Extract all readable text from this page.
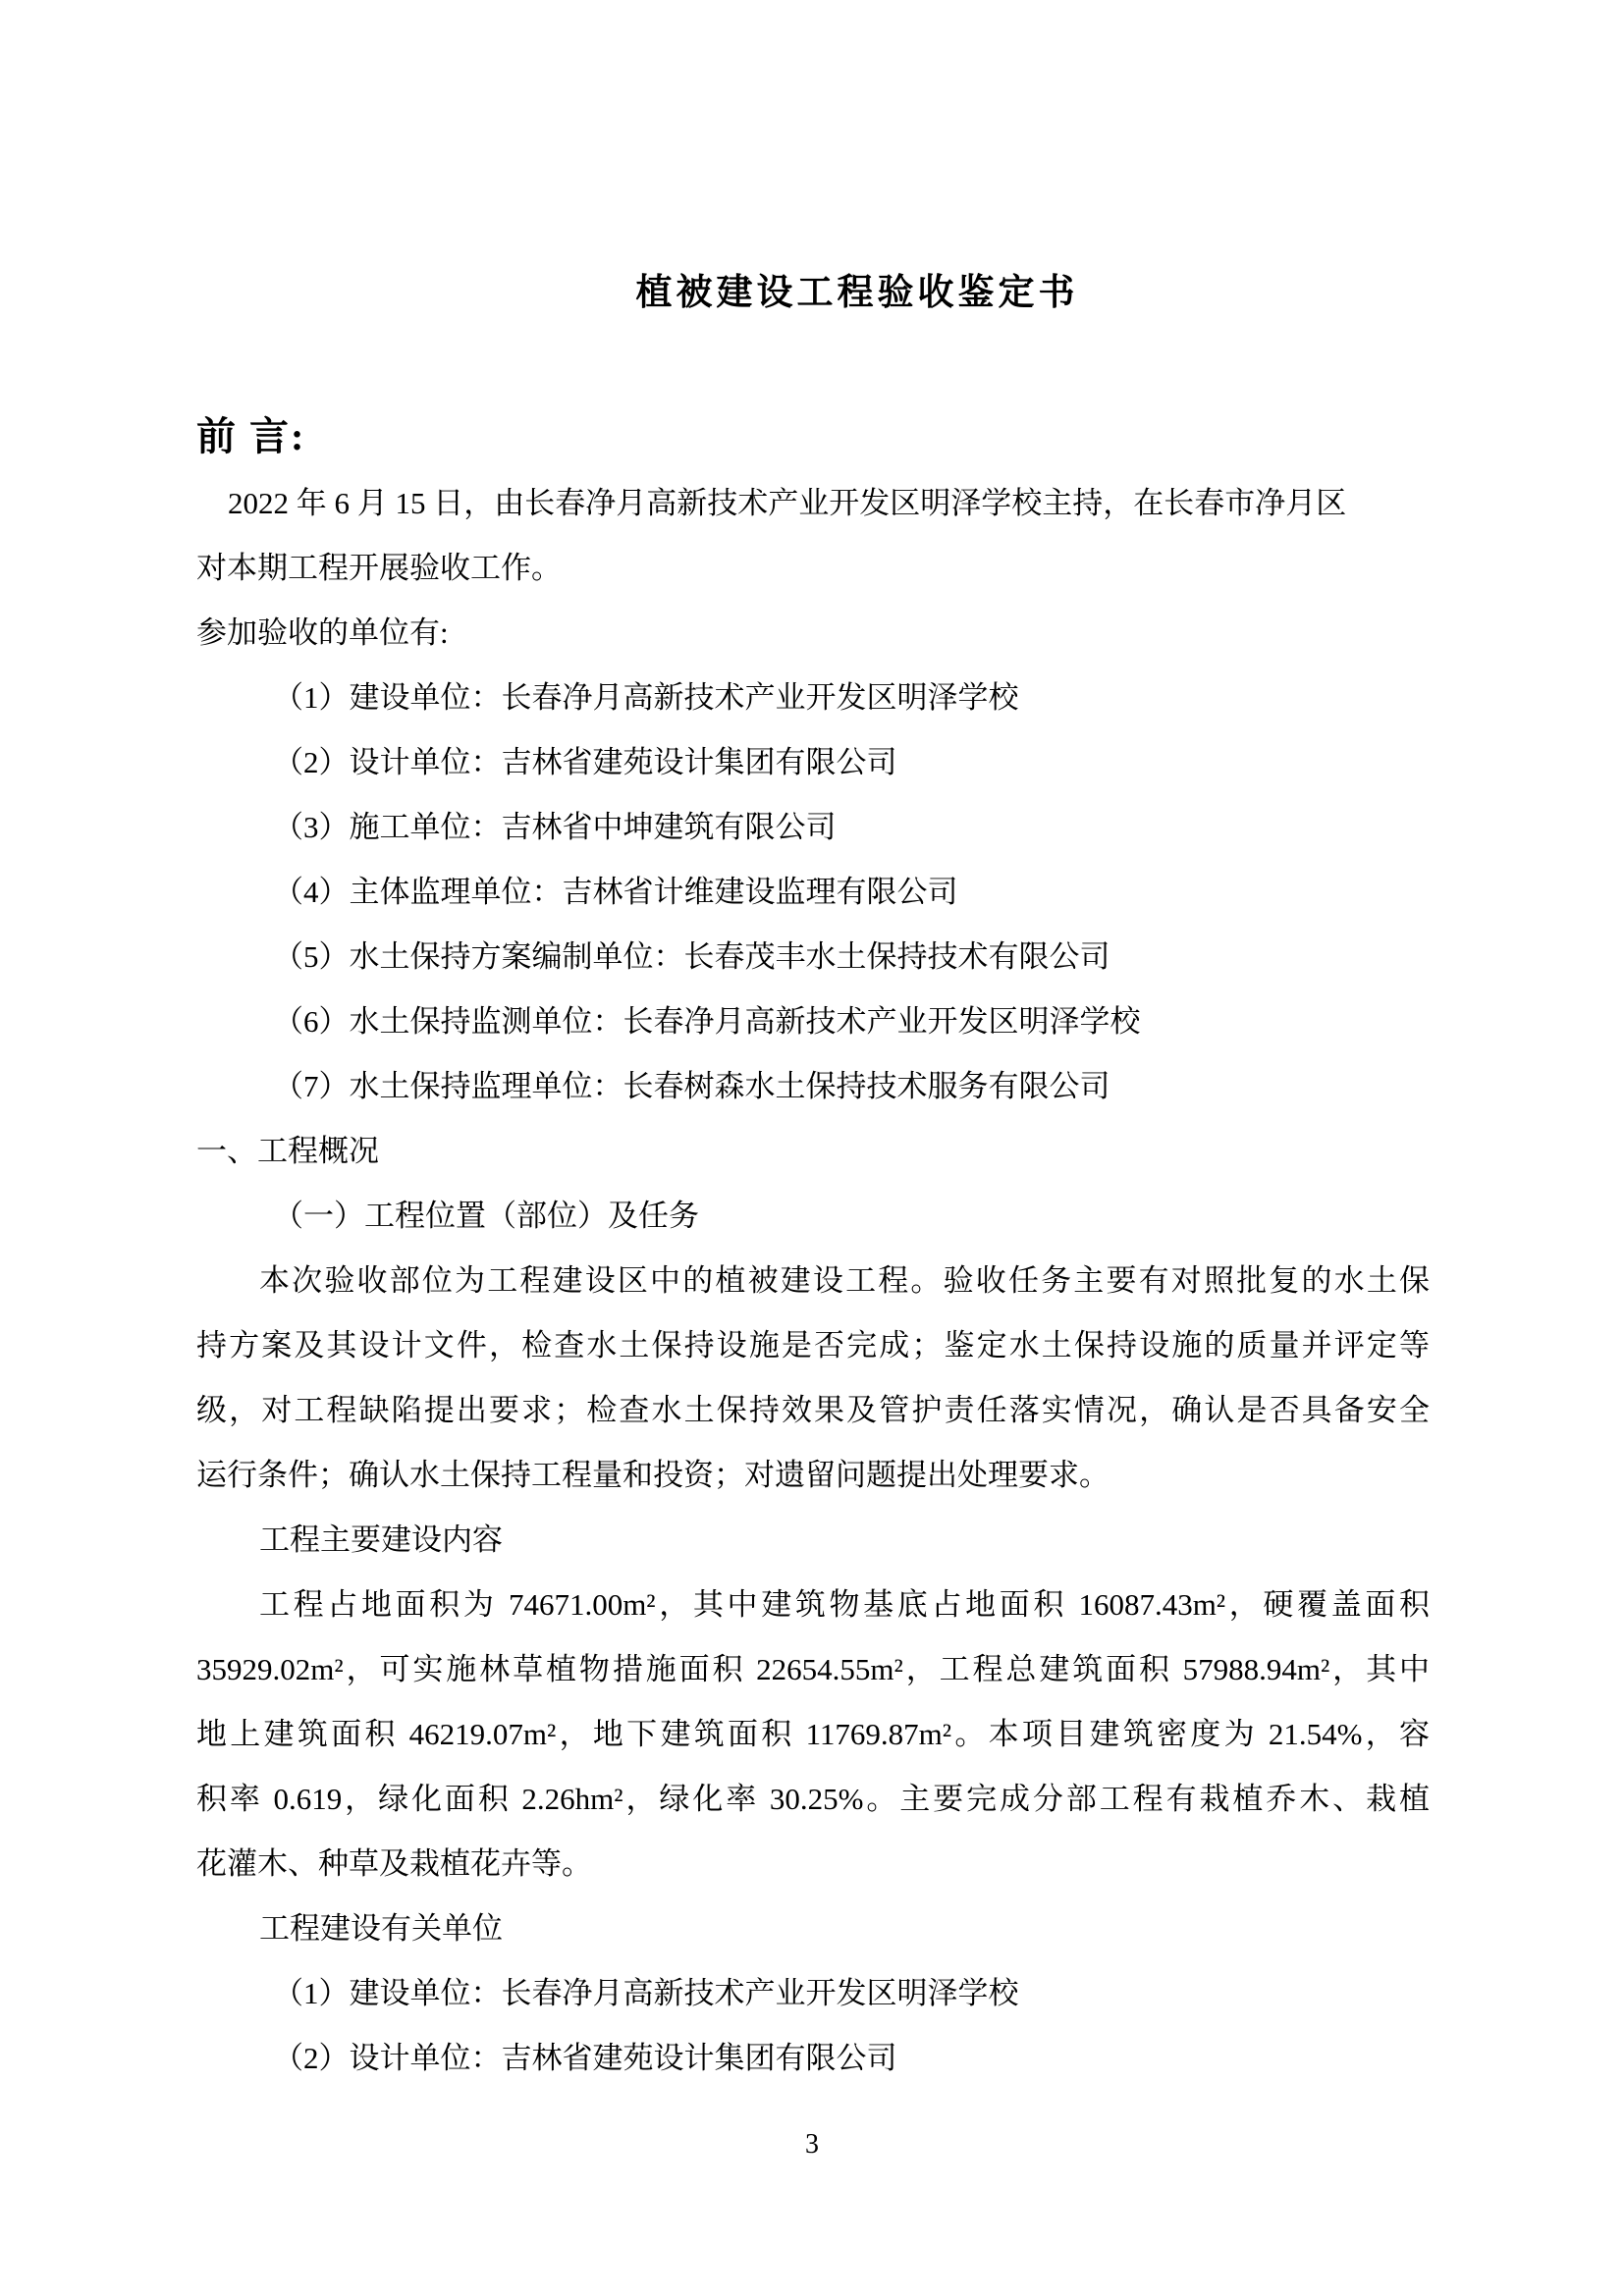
植被建设工程验收鉴定书
前 言:
2022 年 6 月 15 日，由长春净月高新技术产业开发区明泽学校主持，在长春市净月区
对本期工程开展验收工作。
参加验收的单位有:
（1）建设单位：长春净月高新技术产业开发区明泽学校
（2）设计单位：吉林省建苑设计集团有限公司
（3）施工单位：吉林省中坤建筑有限公司
（4）主体监理单位：吉林省计维建设监理有限公司
（5）水土保持方案编制单位：长春茂丰水土保持技术有限公司
（6）水土保持监测单位：长春净月高新技术产业开发区明泽学校
（7）水土保持监理单位：长春树森水土保持技术服务有限公司
一、工程概况
（一）工程位置（部位）及任务
本次验收部位为工程建设区中的植被建设工程。验收任务主要有对照批复的水土保
持方案及其设计文件，检查水土保持设施是否完成；鉴定水土保持设施的质量并评定等
级，对工程缺陷提出要求；检查水土保持效果及管护责任落实情况，确认是否具备安全
运行条件；确认水土保持工程量和投资；对遗留问题提出处理要求。
工程主要建设内容
工程占地面积为 74671.00m²，其中建筑物基底占地面积 16087.43m²，硬覆盖面积
35929.02m²，可实施林草植物措施面积 22654.55m²，工程总建筑面积 57988.94m²，其中
地上建筑面积 46219.07m²，地下建筑面积 11769.87m²。本项目建筑密度为 21.54%，容
积率 0.619，绿化面积 2.26hm²，绿化率 30.25%。主要完成分部工程有栽植乔木、栽植
花灌木、种草及栽植花卉等。
工程建设有关单位
（1）建设单位：长春净月高新技术产业开发区明泽学校
（2）设计单位：吉林省建苑设计集团有限公司
3
